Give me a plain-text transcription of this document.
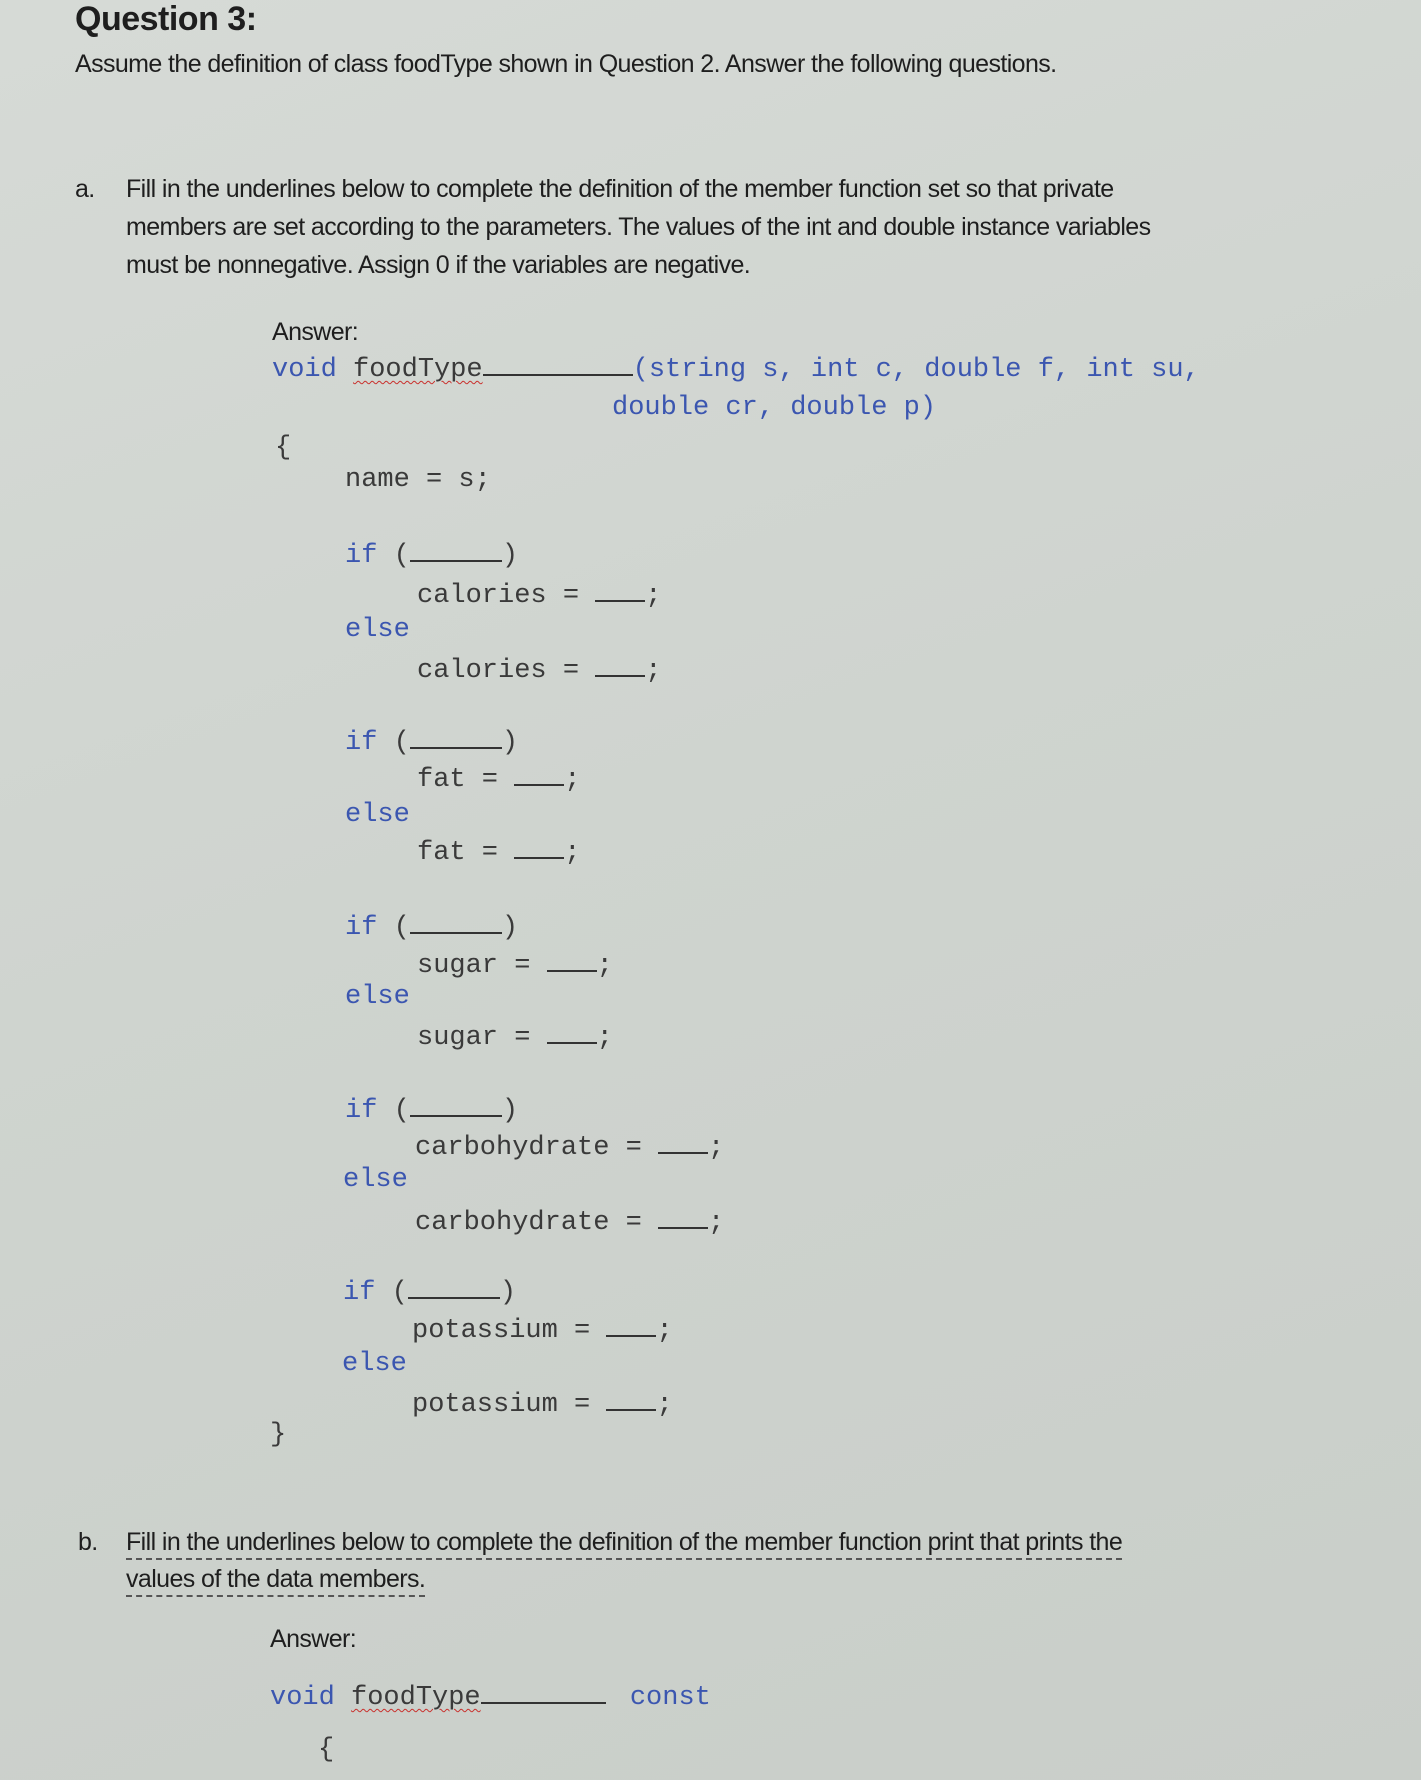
Question 3:
Assume the definition of class foodType shown in Question 2. Answer the following questions.
a. Fill in the underlines below to complete the definition of the member function set so that private
members are set according to the parameters. The values of the int and double instance variables
must be nonnegative. Assign 0 if the variables are negative.
Answer:
void foodType	(string s, int c, double f, int su,
double cr, double p)
{
name = s;
if (	)
calories = ;
else
calories = ;
if (	)
fat = ;
else
fat = ;
if (	)
sugar = ;
else
sugar = ;
if (	)
carbohydrate = ;
else
carbohydrate = ;
if (	)
potassium = ;
else
potassium = ;
}
b. Fill in the underlines below to complete the definition of the member function print that prints the
values of the data members.
Answer:
void foodType	const
{
